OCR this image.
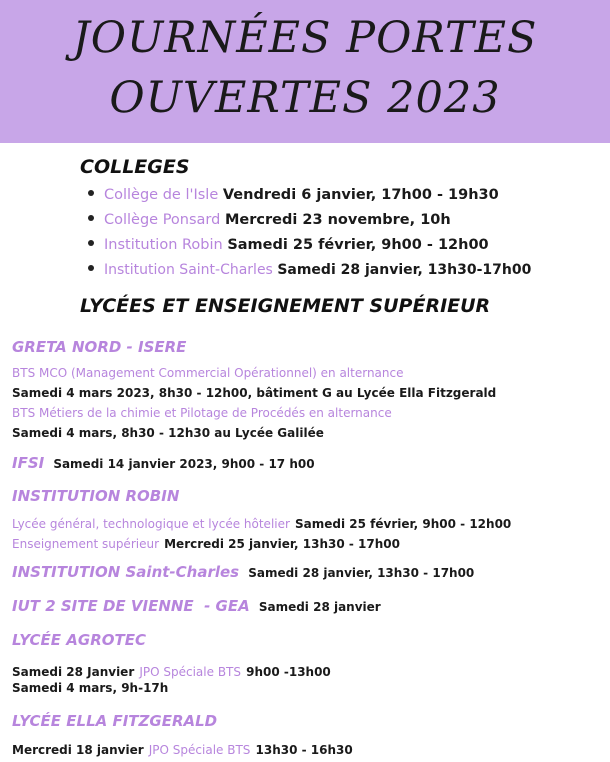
JOURNÉES PORTES
OUVERTES 2023
COLLEGES
Collège de l'Isle Vendredi 6 janvier, 17h00 - 19h30
Collège Ponsard Mercredi 23 novembre, 10h
Institution Robin Samedi 25 février, 9h00 - 12h00
Institution Saint-Charles Samedi 28 janvier, 13h30-17h00
LYCÉES ET ENSEIGNEMENT SUPÉRIEUR
GRETA NORD - ISERE
BTS MCO (Management Commercial Opérationnel) en alternance
Samedi 4 mars 2023, 8h30 - 12h00, bâtiment G au Lycée Ella Fitzgerald
BTS Métiers de la chimie et Pilotage de Procédés en alternance
Samedi 4 mars, 8h30 - 12h30 au Lycée Galilée
IFSI Samedi 14 janvier 2023, 9h00 - 17 h00
INSTITUTION ROBIN
Lycée général, technologique et lycée hôtelier Samedi 25 février, 9h00 - 12h00
Enseignement supérieur Mercredi 25 janvier, 13h30 - 17h00
INSTITUTION Saint-Charles Samedi 28 janvier, 13h30 - 17h00
IUT 2 SITE DE VIENNE  - GEA Samedi 28 janvier
LYCÉE AGROTEC
Samedi 28 Janvier JPO Spéciale BTS 9h00 -13h00
Samedi 4 mars, 9h-17h
LYCÉE ELLA FITZGERALD
Mercredi 18 janvier JPO Spéciale BTS 13h30 - 16h30
